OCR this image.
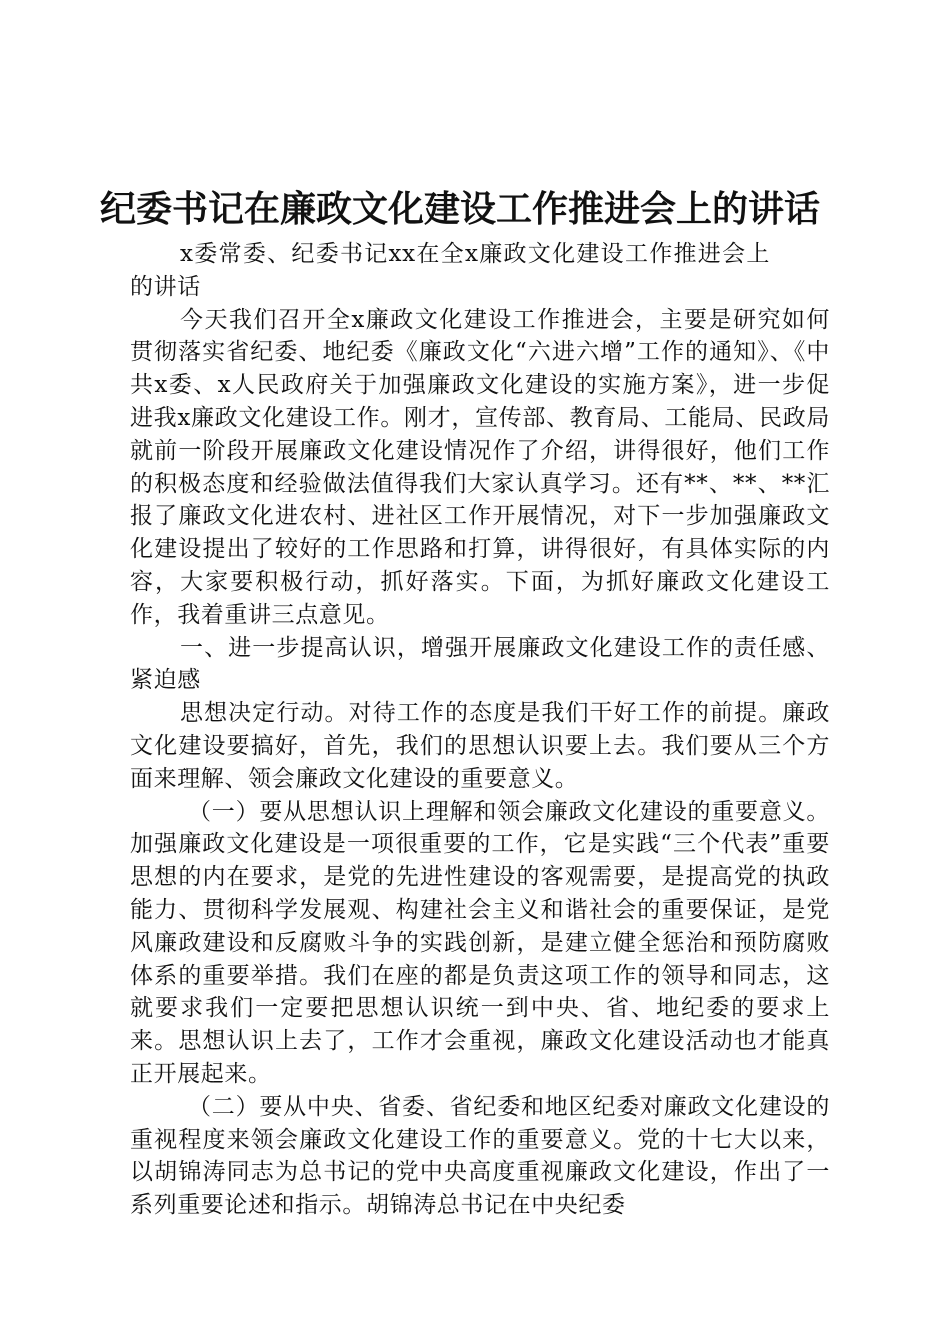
纪委书记在廉政文化建设工作推进会上的讲话

x委常委、纪委书记xx在全x廉政文化建设工作推进会上的讲话

今天我们召开全x廉政文化建设工作推进会，主要是研究如何贯彻落实省纪委、地纪委《廉政文化“六进六增”工作的通知》、《中共x委、x人民政府关于加强廉政文化建设的实施方案》，进一步促进我x廉政文化建设工作。刚才，宣传部、教育局、工能局、民政局就前一阶段开展廉政文化建设情况作了介绍，讲得很好，他们工作的积极态度和经验做法值得我们大家认真学习。还有**、**、**汇报了廉政文化进农村、进社区工作开展情况，对下一步加强廉政文化建设提出了较好的工作思路和打算，讲得很好，有具体实际的内容，大家要积极行动，抓好落实。下面，为抓好廉政文化建设工作，我着重讲三点意见。

一、进一步提高认识，增强开展廉政文化建设工作的责任感、紧迫感

思想决定行动。对待工作的态度是我们干好工作的前提。廉政文化建设要搞好，首先，我们的思想认识要上去。我们要从三个方面来理解、领会廉政文化建设的重要意义。

（一）要从思想认识上理解和领会廉政文化建设的重要意义。加强廉政文化建设是一项很重要的工作，它是实践“三个代表”重要思想的内在要求，是党的先进性建设的客观需要，是提高党的执政能力、贯彻科学发展观、构建社会主义和谐社会的重要保证，是党风廉政建设和反腐败斗争的实践创新，是建立健全惩治和预防腐败体系的重要举措。我们在座的都是负责这项工作的领导和同志，这就要求我们一定要把思想认识统一到中央、省、地纪委的要求上来。思想认识上去了，工作才会重视，廉政文化建设活动也才能真正开展起来。

（二）要从中央、省委、省纪委和地区纪委对廉政文化建设的重视程度来领会廉政文化建设工作的重要意义。党的十七大以来，以胡锦涛同志为总书记的党中央高度重视廉政文化建设，作出了一系列重要论述和指示。胡锦涛总书记在中央纪委
